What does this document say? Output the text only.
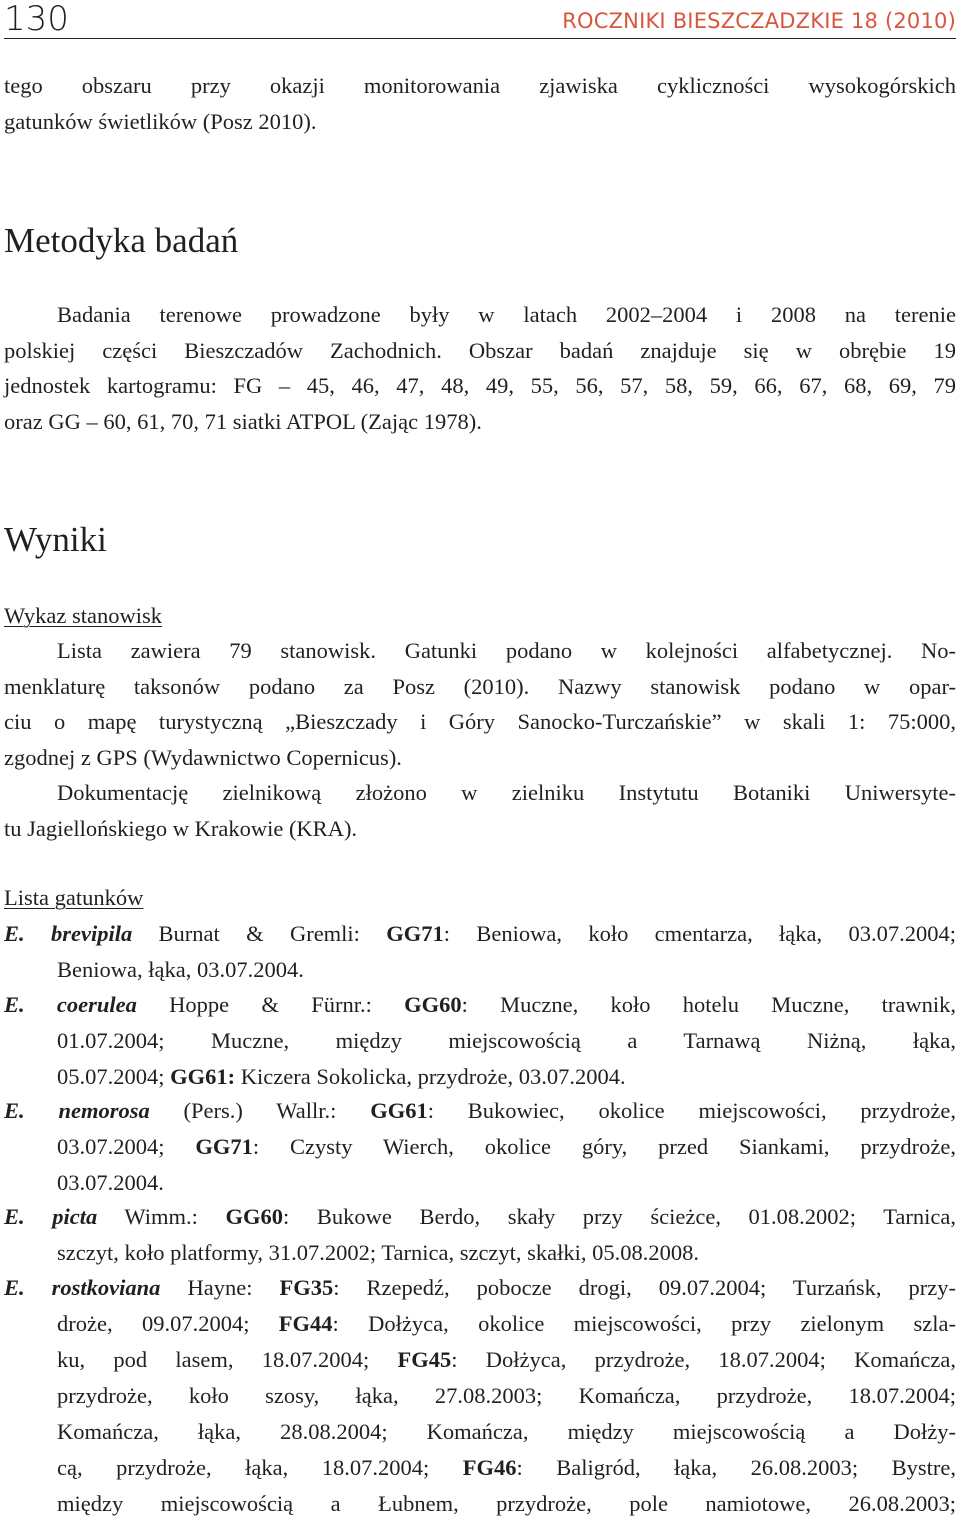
130	ROCZNIKI BIESZCZADZKIE 18 (2010)
tego obszaru przy okazji monitorowania zjawiska cykliczności wysokogórskich
gatunków świetlików (Posz 2010).
Metodyka badań
Badania terenowe prowadzone były w latach 2002–2004 i 2008 na terenie
polskiej części Bieszczadów Zachodnich. Obszar badań znajduje się w obrębie 19
jednostek kartogramu: FG – 45, 46, 47, 48, 49, 55, 56, 57, 58, 59, 66, 67, 68, 69, 79
oraz GG – 60, 61, 70, 71 siatki ATPOL (Zając 1978).
Wyniki
Wykaz stanowisk
Lista zawiera 79 stanowisk. Gatunki podano w kolejności alfabetycznej. No-
menklaturę taksonów podano za Posz (2010). Nazwy stanowisk podano w opar-
ciu o mapę turystyczną „Bieszczady i Góry Sanocko-Turczańskie” w skali 1: 75:000,
zgodnej z GPS (Wydawnictwo Copernicus).
Dokumentację zielnikową złożono w zielniku Instytutu Botaniki Uniwersyte-
tu Jagiellońskiego w Krakowie (KRA).
Lista gatunków
E. brevipila Burnat & Gremli: GG71: Beniowa, koło cmentarza, łąka, 03.07.2004;
Beniowa, łąka, 03.07.2004.
E. coerulea Hoppe & Fürnr.: GG60: Muczne, koło hotelu Muczne, trawnik,
01.07.2004; Muczne, między miejscowością a Tarnawą Niżną, łąka,
05.07.2004; GG61: Kiczera Sokolicka, przydroże, 03.07.2004.
E. nemorosa (Pers.) Wallr.: GG61: Bukowiec, okolice miejscowości, przydroże,
03.07.2004; GG71: Czysty Wierch, okolice góry, przed Siankami, przydroże,
03.07.2004.
E. picta Wimm.: GG60: Bukowe Berdo, skały przy ścieżce, 01.08.2002; Tarnica,
szczyt, koło platformy, 31.07.2002; Tarnica, szczyt, skałki, 05.08.2008.
E. rostkoviana Hayne: FG35: Rzepedź, pobocze drogi, 09.07.2004; Turzańsk, przy-
droże, 09.07.2004; FG44: Dołżyca, okolice miejscowości, przy zielonym szla-
ku, pod lasem, 18.07.2004; FG45: Dołżyca, przydroże, 18.07.2004; Komańcza,
przydroże, koło szosy, łąka, 27.08.2003; Komańcza, przydroże, 18.07.2004;
Komańcza, łąka, 28.08.2004; Komańcza, między miejscowością a Dołży-
cą, przydroże, łąka, 18.07.2004; FG46: Baligród, łąka, 26.08.2003; Bystre,
między miejscowością a Łubnem, przydroże, pole namiotowe, 26.08.2003;
